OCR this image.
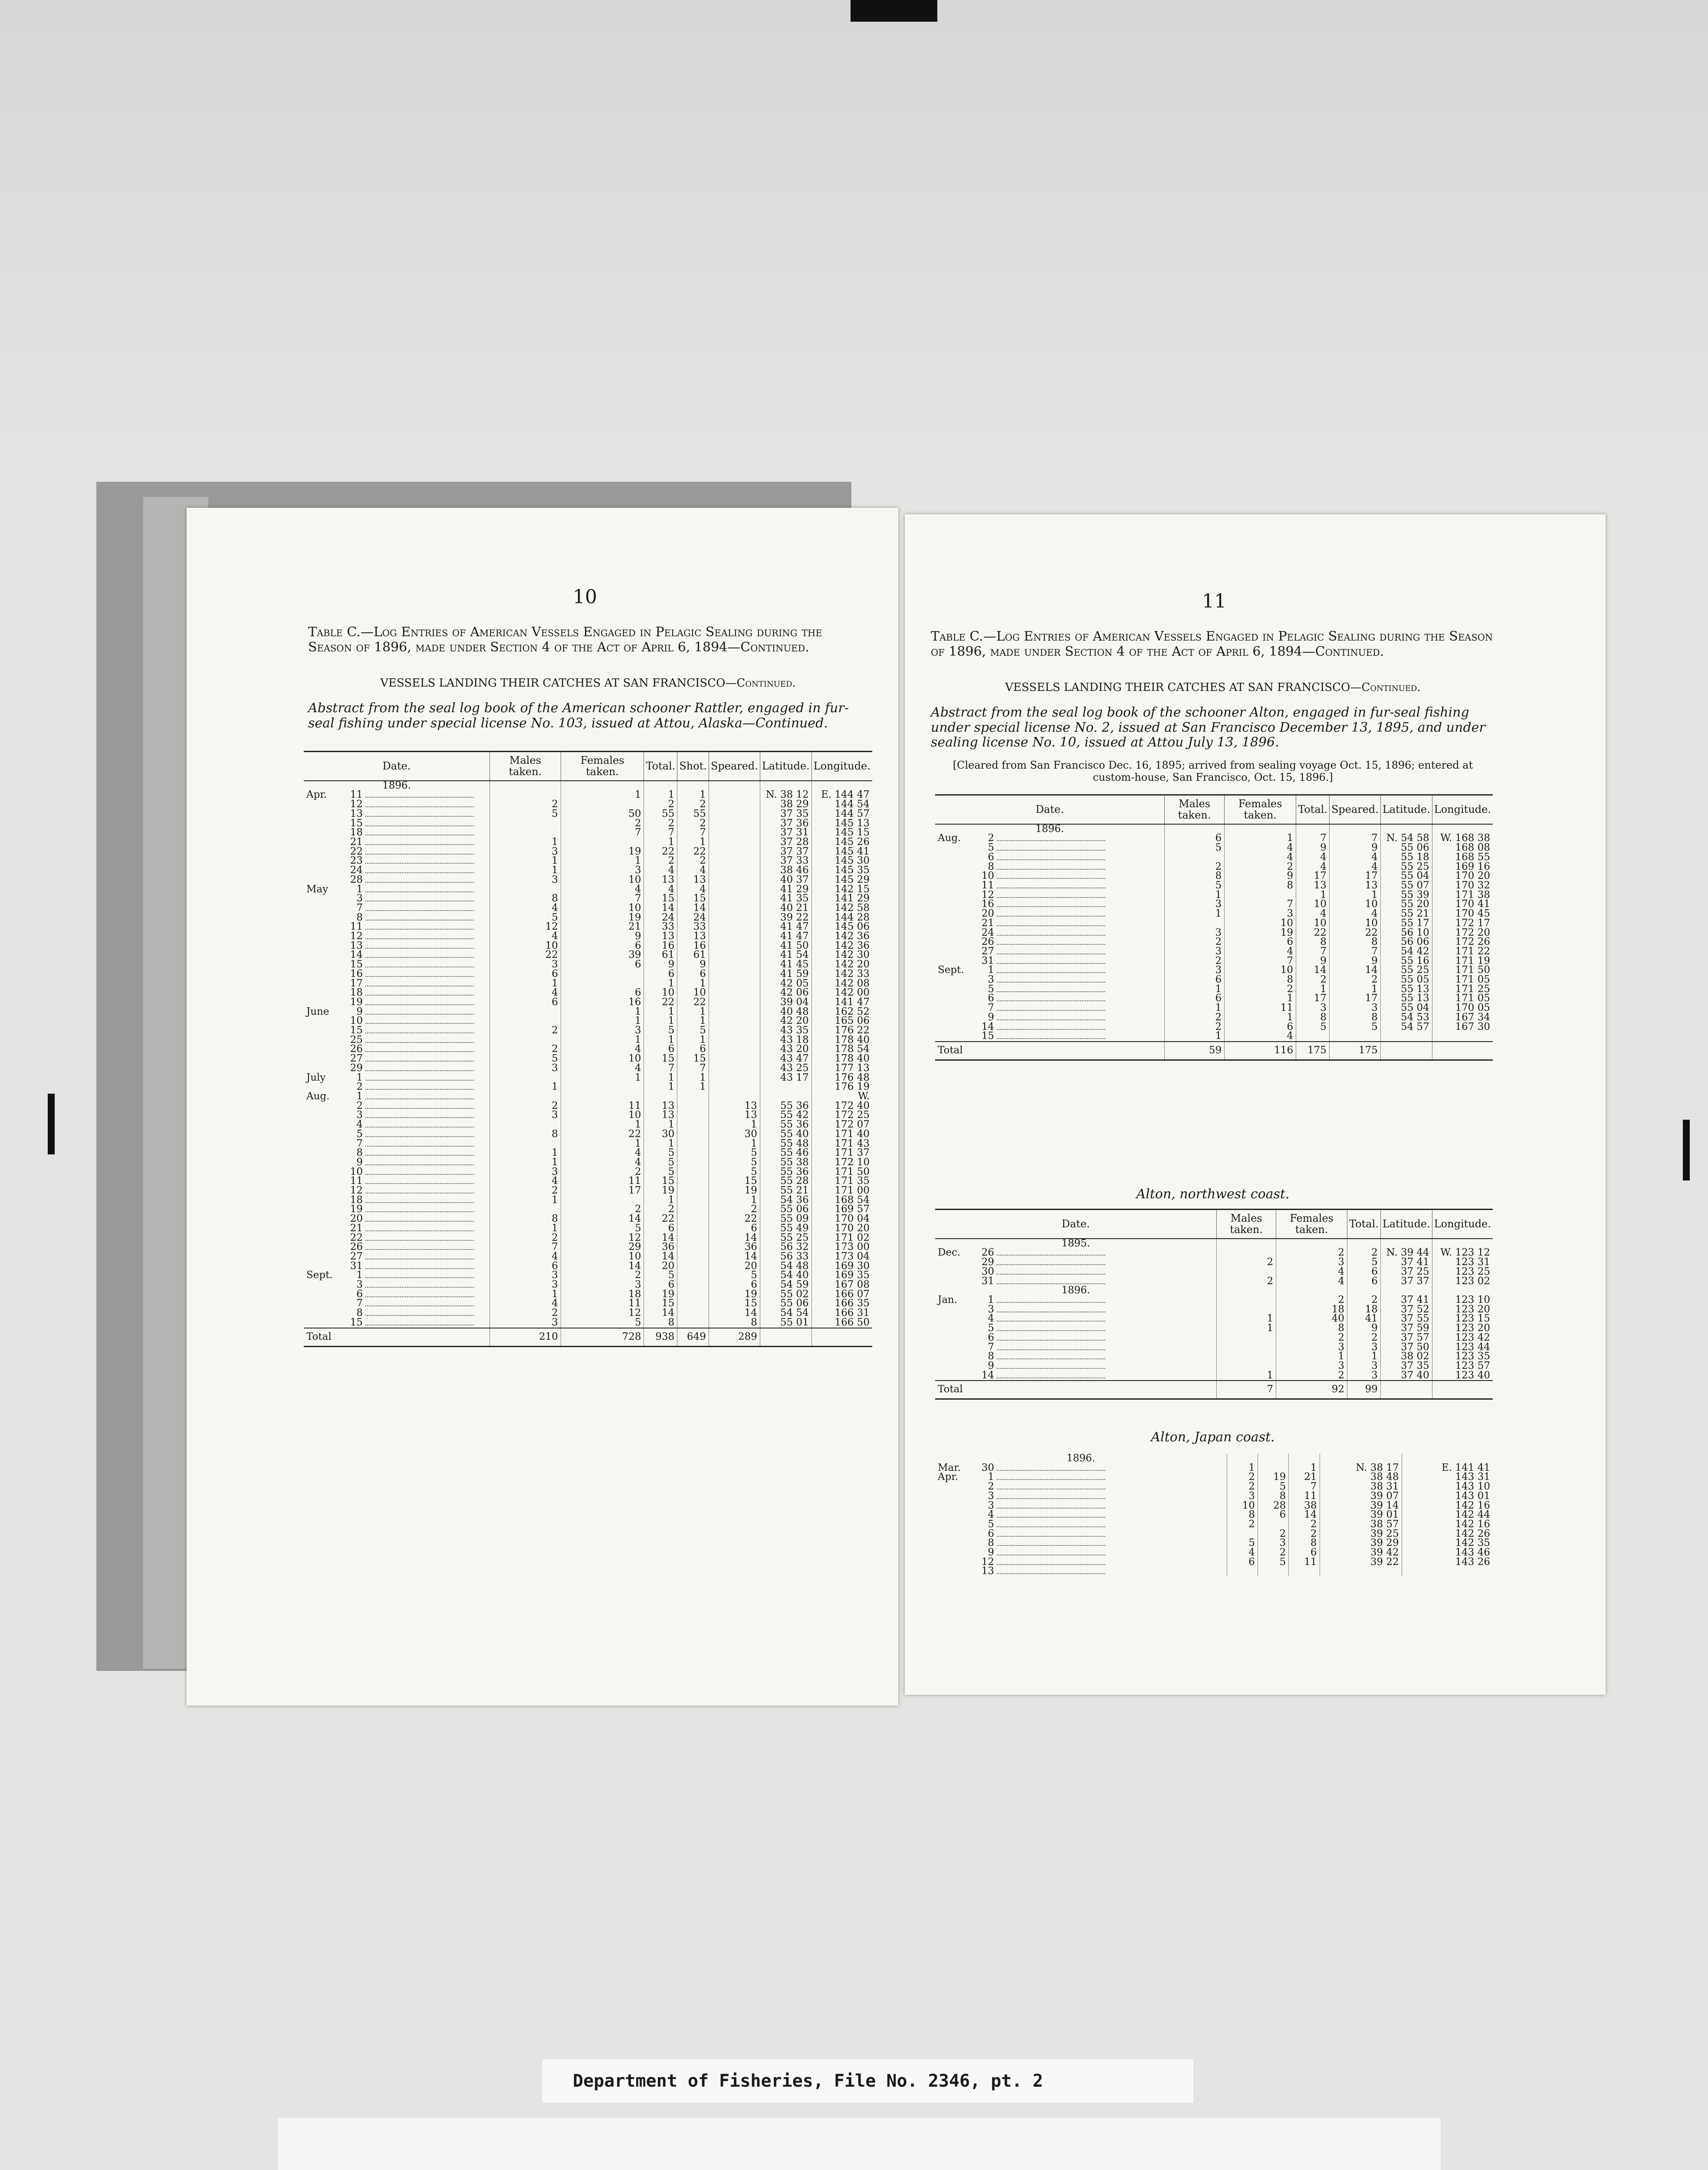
10
Table C.—Log Entries of American Vessels Engaged in Pelagic Sealing during the Season of 1896, made under Section 4 of the Act of April 6, 1894—Continued.
VESSELS LANDING THEIR CATCHES AT SAN FRANCISCO—Continued.
Abstract from the seal log book of the American schooner Rattler, engaged in fur-seal fishing under special license No. 103, issued at Attou, Alaska—Continued.
Date.	Males taken.	Females taken.	Total.	Shot.	Speared.	Latitude.	Longitude.
1896.							
Apr. 11		1	1	1		N. 38 12	E. 144 47
12	2		2	2		38 29	144 54
13	5	50	55	55		37 35	144 57
15		2	2	2		37 36	145 13
18		7	7	7		37 31	145 15
21	1		1	1		37 28	145 26
22	3	19	22	22		37 37	145 41
23	1	1	2	2		37 33	145 30
24	1	3	4	4		38 46	145 35
28	3	10	13	13		40 37	145 29
May 1		4	4	4		41 29	142 15
3	8	7	15	15		41 35	141 29
7	4	10	14	14		40 21	142 58
8	5	19	24	24		39 22	144 28
11	12	21	33	33		41 47	145 06
12	4	9	13	13		41 47	142 36
13	10	6	16	16		41 50	142 36
14	22	39	61	61		41 54	142 30
15	3	6	9	9		41 45	142 20
16	6		6	6		41 59	142 33
17	1		1	1		42 05	142 08
18	4	6	10	10		42 06	142 00
19	6	16	22	22		39 04	141 47
June 9		1	1	1		40 48	162 52
10		1	1	1		42 20	165 06
15	2	3	5	5		43 35	176 22
25		1	1	1		43 18	178 40
26	2	4	6	6		43 20	178 54
27	5	10	15	15		43 47	178 40
29	3	4	7	7		43 25	177 13
July 1		1	1	1		43 17	176 48
2	1		1	1			176 19
Aug. 1							W.
2	2	11	13		13	55 36	172 40
3	3	10	13		13	55 42	172 25
4		1	1		1	55 36	172 07
5	8	22	30		30	55 40	171 40
7		1	1		1	55 48	171 43
8	1	4	5		5	55 46	171 37
9	1	4	5		5	55 38	172 10
10	3	2	5		5	55 36	171 50
11	4	11	15		15	55 28	171 35
12	2	17	19		19	55 21	171 00
18	1		1		1	54 36	168 54
19		2	2		2	55 06	169 57
20	8	14	22		22	55 09	170 04
21	1	5	6		6	55 49	170 20
22	2	12	14		14	55 25	171 02
26	7	29	36		36	56 32	173 00
27	4	10	14		14	56 33	173 04
31	6	14	20		20	54 48	169 30
Sept. 1	3	2	5		5	54 40	169 35
3	3	3	6		6	54 59	167 08
6	1	18	19		19	55 02	166 07
7	4	11	15		15	55 06	166 35
8	2	12	14		14	54 54	166 31
15	3	5	8		8	55 01	166 50
Total	210	728	938	649	289		
11
Table C.—Log Entries of American Vessels Engaged in Pelagic Sealing during the Season of 1896, made under Section 4 of the Act of April 6, 1894—Continued.
VESSELS LANDING THEIR CATCHES AT SAN FRANCISCO—Continued.
Abstract from the seal log book of the schooner Alton, engaged in fur-seal fishing under special license No. 2, issued at San Francisco December 13, 1895, and under sealing license No. 10, issued at Attou July 13, 1896.
[Cleared from San Francisco Dec. 16, 1895; arrived from sealing voyage Oct. 15, 1896; entered at custom-house, San Francisco, Oct. 15, 1896.]
Date.	Males taken.	Females taken.	Total.	Speared.	Latitude.	Longitude.
1896.						
Aug. 2	6	1	7	7	N. 54 58	W. 168 38
5	5	4	9	9	55 06	168 08
6		4	4	4	55 18	168 55
8	2	2	4	4	55 25	169 16
10	8	9	17	17	55 04	170 20
11	5	8	13	13	55 07	170 32
12	1		1	1	55 39	171 38
16	3	7	10	10	55 20	170 41
20	1	3	4	4	55 21	170 45
21		10	10	10	55 17	172 17
24	3	19	22	22	56 10	172 20
26	2	6	8	8	56 06	172 26
27	3	4	7	7	54 42	171 22
31	2	7	9	9	55 16	171 19
Sept. 1	3	10	14	14	55 25	171 50
3	6	8	2	2	55 05	171 05
5	1	2	1	1	55 13	171 25
6	6	1	17	17	55 13	171 05
7	1	11	3	3	55 04	170 05
9	2	1	8	8	54 53	167 34
14	2	6	5	5	54 57	167 30
15	1	4				
Total	59	116	175	175		
Alton, northwest coast.
Date.	Males taken.	Females taken.	Total.	Latitude.	Longitude.
1895.					
Dec. 26		2	2	N. 39 44	W. 123 12
29	2	3	5	37 41	123 31
30		4	6	37 25	123 25
31	2	4	6	37 37	123 02
1896.					
Jan. 1		2	2	37 41	123 10
3		18	18	37 52	123 20
4	1	40	41	37 55	123 15
5	1	8	9	37 59	123 20
6		2	2	37 57	123 42
7		3	3	37 50	123 44
8		1	1	38 02	123 35
9		3	3	37 35	123 57
14	1	2	3	37 40	123 40
Total	7	92	99		
Alton, Japan coast.
1896.					
Mar. 30	1		1	N. 38 17	E. 141 41
Apr. 1	2	19	21	38 48	143 31
2	2	5	7	38 31	143 10
3	3	8	11	39 07	143 01
3	10	28	38	39 14	142 16
4	8	6	14	39 01	142 44
5	2		2	38 57	142 16
6		2	2	39 25	142 26
8	5	3	8	39 29	142 35
9	4	2	6	39 42	143 46
12	6	5	11	39 22	143 26
13					
Department of Fisheries, File No. 2346, pt. 2
